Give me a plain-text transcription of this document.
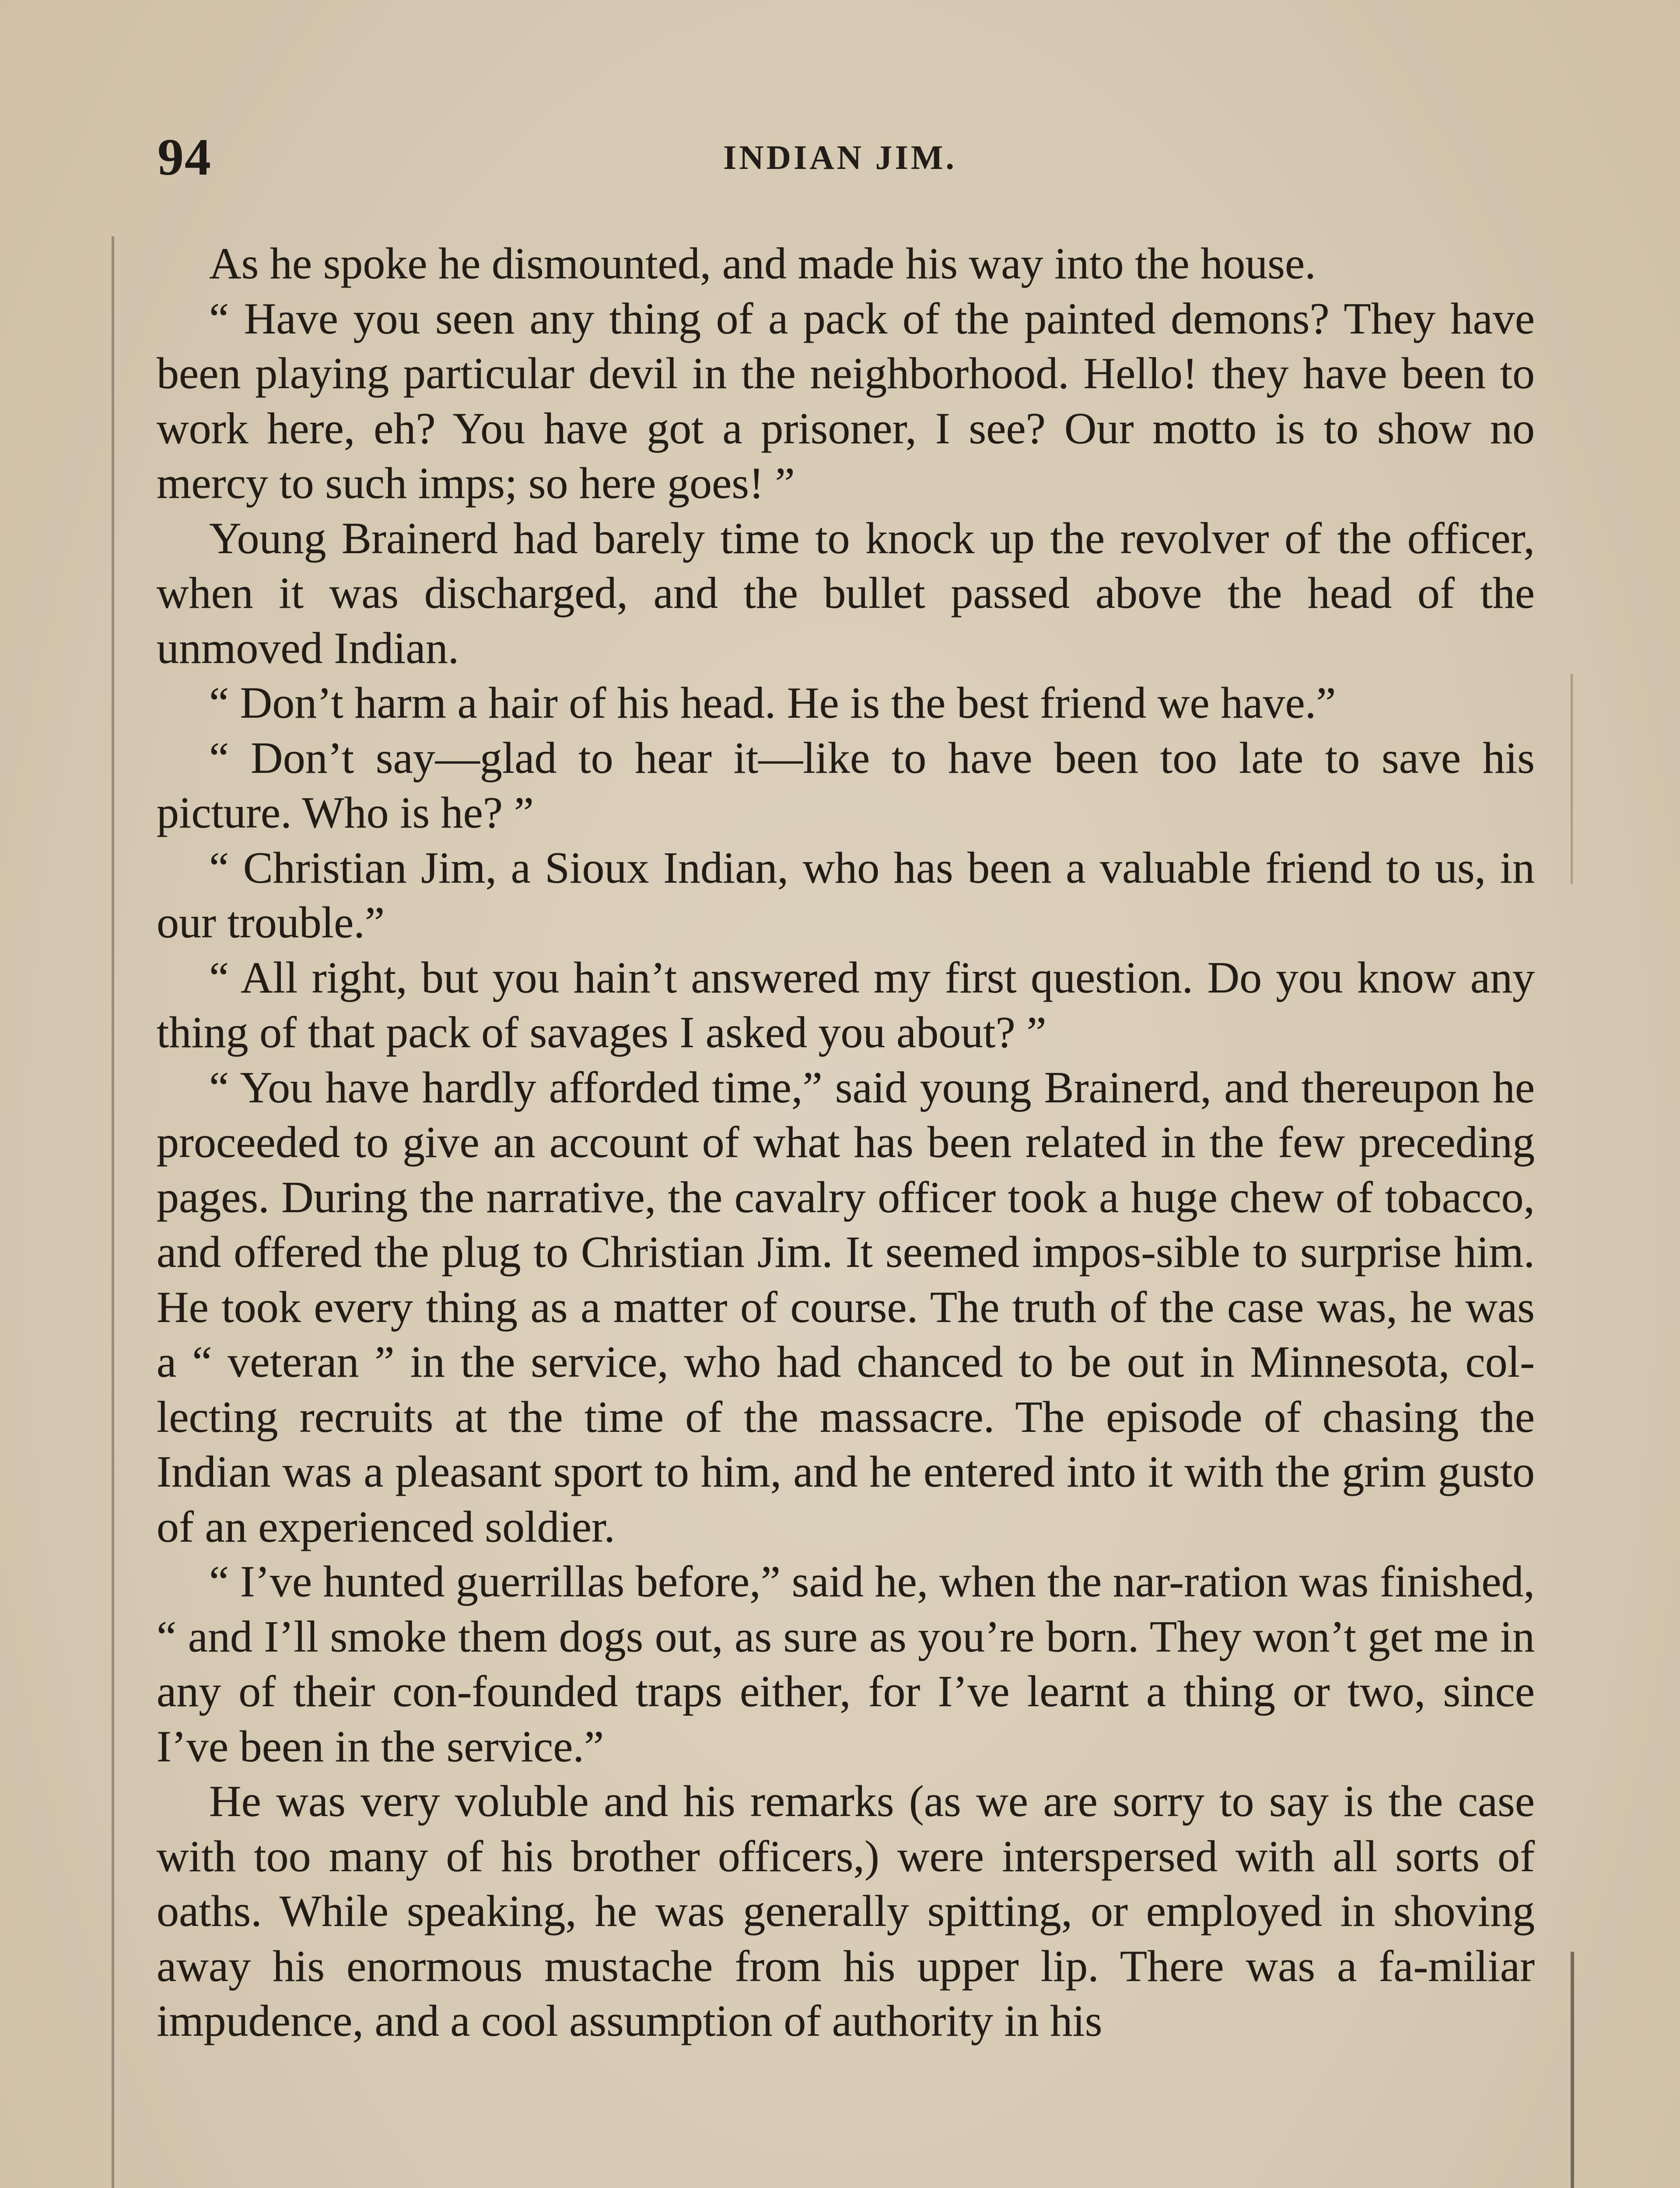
94	INDIAN JIM.

As he spoke he dismounted, and made his way into the house.

“ Have you seen any thing of a pack of the painted demons? They have been playing particular devil in the neighborhood. Hello! they have been to work here, eh? You have got a prisoner, I see? Our motto is to show no mercy to such imps; so here goes! ”

Young Brainerd had barely time to knock up the revolver of the officer, when it was discharged, and the bullet passed above the head of the unmoved Indian.

“ Don’t harm a hair of his head. He is the best friend we have.”

“ Don’t say—glad to hear it—like to have been too late to save his picture. Who is he? ”

“ Christian Jim, a Sioux Indian, who has been a valuable friend to us, in our trouble.”

“ All right, but you hain’t answered my first question. Do you know any thing of that pack of savages I asked you about? ”

“ You have hardly afforded time,” said young Brainerd, and thereupon he proceeded to give an account of what has been related in the few preceding pages. During the narrative, the cavalry officer took a huge chew of tobacco, and offered the plug to Christian Jim. It seemed impos-sible to surprise him. He took every thing as a matter of course. The truth of the case was, he was a “ veteran ” in the service, who had chanced to be out in Minnesota, col-lecting recruits at the time of the massacre. The episode of chasing the Indian was a pleasant sport to him, and he entered into it with the grim gusto of an experienced soldier.

“ I’ve hunted guerrillas before,” said he, when the nar-ration was finished, “ and I’ll smoke them dogs out, as sure as you’re born. They won’t get me in any of their con-founded traps either, for I’ve learnt a thing or two, since I’ve been in the service.”

He was very voluble and his remarks (as we are sorry to say is the case with too many of his brother officers,) were interspersed with all sorts of oaths. While speaking, he was generally spitting, or employed in shoving away his enormous mustache from his upper lip. There was a fa-miliar impudence, and a cool assumption of authority in his
